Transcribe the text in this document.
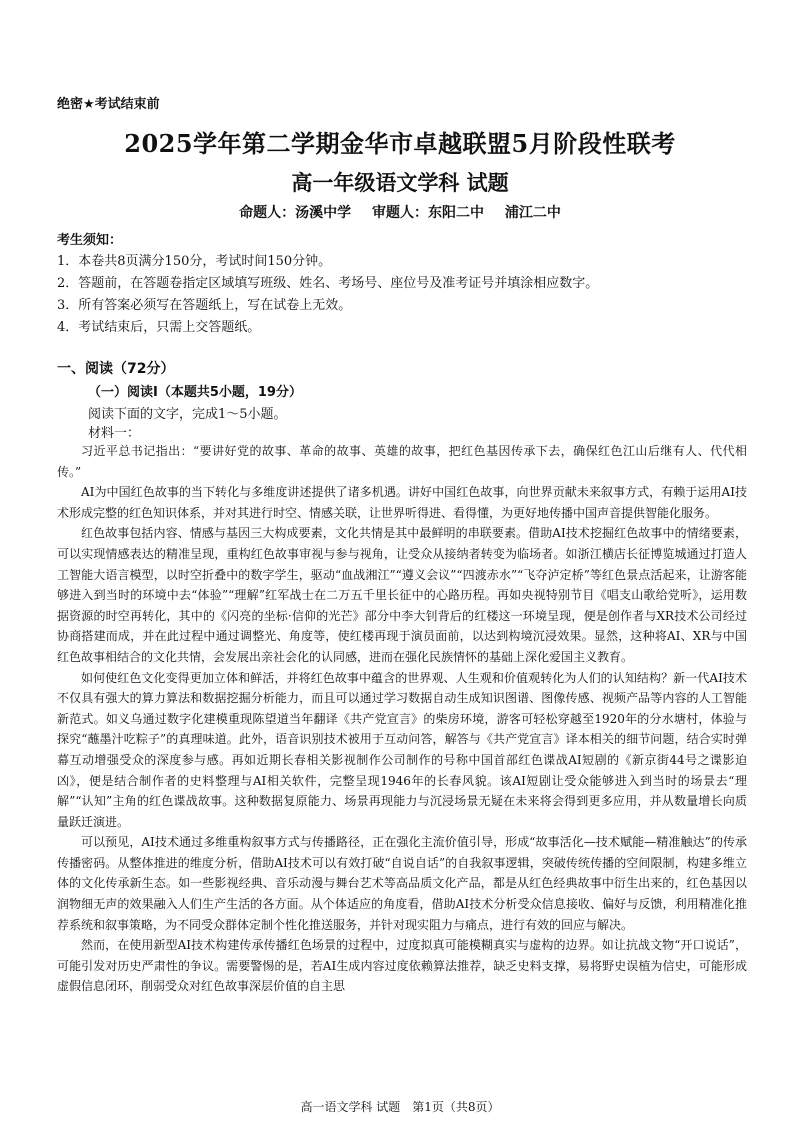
绝密★考试结束前
2025学年第二学期金华市卓越联盟5月阶段性联考
高一年级语文学科 试题
命题人：汤溪中学 审题人：东阳二中 浦江二中
考生须知：
1．本卷共8页满分150分，考试时间150分钟。
2．答题前，在答题卷指定区域填写班级、姓名、考场号、座位号及准考证号并填涂相应数字。
3．所有答案必须写在答题纸上，写在试卷上无效。
4．考试结束后，只需上交答题纸。
一、阅读（72分）
（一）阅读Ⅰ（本题共5小题，19分）
阅读下面的文字，完成1～5小题。
材料一：

习近平总书记指出：“要讲好党的故事、革命的故事、英雄的故事，把红色基因传承下去，确保红色江山后继有人、代代相传。”

AI为中国红色故事的当下转化与多维度讲述提供了诸多机遇。讲好中国红色故事，向世界贡献未来叙事方式，有赖于运用AI技术形成完整的红色知识体系，并对其进行时空、情感关联，让世界听得进、看得懂，为更好地传播中国声音提供智能化服务。

红色故事包括内容、情感与基因三大构成要素，文化共情是其中最鲜明的串联要素。借助AI技术挖掘红色故事中的情绪要素，可以实现情感表达的精准呈现，重构红色故事审视与参与视角，让受众从接纳者转变为临场者。如浙江横店长征博览城通过打造人工智能大语言模型，以时空折叠中的数字学生，驱动“血战湘江”“遵义会议”“四渡赤水”“飞夺泸定桥”等红色景点活起来，让游客能够进入到当时的环境中去“体验”“理解”红军战士在二万五千里长征中的心路历程。再如央视特别节目《唱支山歌给党听》，运用数据资源的时空再转化，其中的《闪亮的坐标·信仰的光芒》部分中李大钊背后的红楼这一环境呈现，便是创作者与XR技术公司经过协商搭建而成，并在此过程中通过调整光、角度等，使红楼再现于演员面前，以达到构境沉浸效果。显然，这种将AI、XR与中国红色故事相结合的文化共情，会发展出亲社会化的认同感，进而在强化民族情怀的基础上深化爱国主义教育。

如何使红色文化变得更加立体和鲜活，并将红色故事中蕴含的世界观、人生观和价值观转化为人们的认知结构？新一代AI技术不仅具有强大的算力算法和数据挖掘分析能力，而且可以通过学习数据自动生成知识图谱、图像传感、视频产品等内容的人工智能新范式。如义乌通过数字化建模重现陈望道当年翻译《共产党宣言》的柴房环境，游客可轻松穿越至1920年的分水塘村，体验与探究“蘸墨汁吃粽子”的真理味道。此外，语音识别技术被用于互动问答，解答与《共产党宣言》译本相关的细节问题，结合实时弹幕互动增强受众的深度参与感。再如近期长春相关影视制作公司制作的号称中国首部红色谍战AI短剧的《新京街44号之谍影迫凶》，便是结合制作者的史料整理与AI相关软件，完整呈现1946年的长春风貌。该AI短剧让受众能够进入到当时的场景去“理解”“认知”主角的红色谍战故事。这种数据复原能力、场景再现能力与沉浸场景无疑在未来将会得到更多应用，并从数量增长向质量跃迁演进。

可以预见，AI技术通过多维重构叙事方式与传播路径，正在强化主流价值引导，形成“故事活化—技术赋能—精准触达”的传承传播密码。从整体推进的维度分析，借助AI技术可以有效打破“自说自话”的自我叙事逻辑，突破传统传播的空间限制，构建多维立体的文化传承新生态。如一些影视经典、音乐动漫与舞台艺术等高品质文化产品，都是从红色经典故事中衍生出来的，红色基因以润物细无声的效果融入人们生产生活的各方面。从个体适应的角度看，借助AI技术分析受众信息接收、偏好与反馈，利用精准化推荐系统和叙事策略，为不同受众群体定制个性化推送服务，并针对现实阻力与痛点，进行有效的回应与解决。

然而，在使用新型AI技术构建传承传播红色场景的过程中，过度拟真可能模糊真实与虚构的边界。如让抗战文物“开口说话”，可能引发对历史严肃性的争议。需要警惕的是，若AI生成内容过度依赖算法推荐，缺乏史料支撑，易将野史误植为信史，可能形成虚假信息闭环，削弱受众对红色故事深层价值的自主思

高一语文学科 试题　第1页（共8页）
